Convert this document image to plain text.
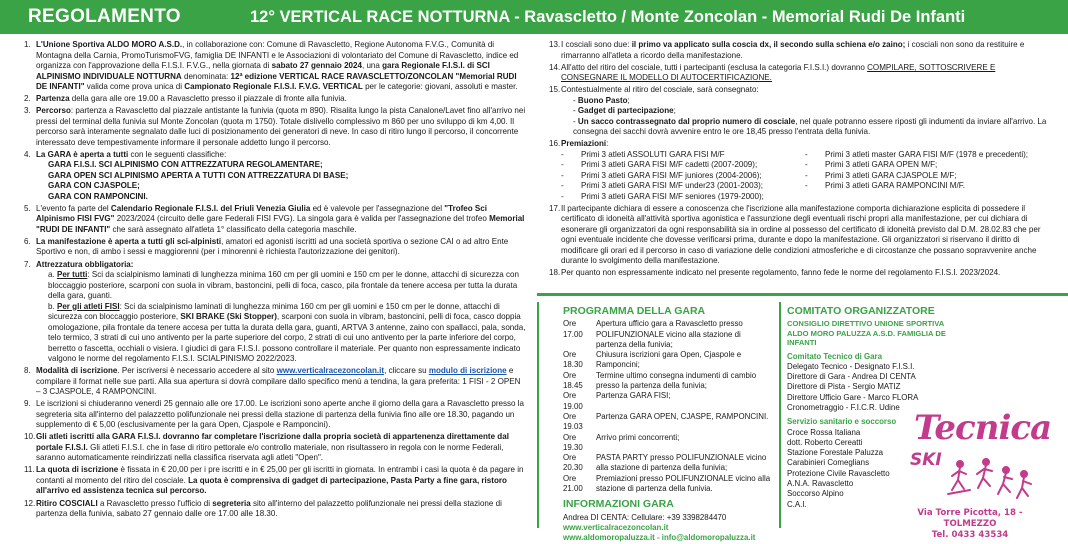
REGOLAMENTO	12° VERTICAL RACE NOTTURNA - Ravascletto / Monte Zoncolan - Memorial Rudi De Infanti
1. L'Unione Sportiva ALDO MORO A.S.D., in collaborazione con: Comune di Ravascletto, Regione Autonoma F.V.G., Comunità di Montagna della Carnia, PromoTurismoFVG, famiglia DE INFANTI e le Associazioni di volontariato del Comune di Ravascletto, indice ed organizza con l'approvazione della F.I.S.I. F.V.G., nella giornata di sabato 27 gennaio 2024, una gara Regionale F.I.S.I. di SCI ALPINISMO INDIVIDUALE NOTTURNA denominata: 12ª edizione VERTICAL RACE RAVASCLETTO/ZONCOLAN "Memorial RUDI DE INFANTI" valida come prova unica di Campionato Regionale F.I.S.I. F.V.G. VERTICAL per le categorie: giovani, assoluti e master.
2. Partenza della gara alle ore 19.00 a Ravascletto presso il piazzale di fronte alla funivia.
3. Percorso: partenza a Ravascletto dal piazzale antistante la funivia (quota m 890). Risalita lungo la pista Canalone/Lavet fino all'arrivo nei pressi del terminal della funivia sul Monte Zoncolan (quota m 1750). Totale dislivello complessivo m 860 per uno sviluppo di km 4,00. Il percorso sarà interamente segnalato dalle luci di posizionamento dei generatori di neve. In caso di ritiro lungo il percorso, il concorrente interessato deve tempestivamente informare il personale addetto lungo il percorso.
4. La GARA è aperta a tutti con le seguenti classifiche:
GARA F.I.S.I. SCI ALPINISMO CON ATTREZZATURA REGOLAMENTARE;
GARA OPEN SCI ALPINISMO APERTA A TUTTI CON ATTREZZATURA DI BASE;
GARA CON CJASPOLE;
GARA CON RAMPONCINI.
5. L'evento fa parte del Calendario Regionale F.I.S.I. del Friuli Venezia Giulia ed è valevole per l'assegnazione del "Trofeo Sci Alpinismo FISI FVG" 2023/2024 (circuito delle gare Federali FISI FVG). La singola gara è valida per l'assegnazione del trofeo Memorial "RUDI DE INFANTI" che sarà assegnato all'atleta 1° classificato della categoria maschile.
6. La manifestazione è aperta a tutti gli sci-alpinisti, amatori ed agonisti iscritti ad una società sportiva o sezione CAI o ad altro Ente Sportivo e non, di ambo i sessi e maggiorenni (per i minorenni è richiesta l'autorizzazione dei genitori).
7. Attrezzatura obbligatoria:
a. Per tutti: Sci da scialpinismo laminati di lunghezza minima 160 cm per gli uomini e 150 cm per le donne, attacchi di sicurezza con bloccaggio posteriore, scarponi con suola in vibram, bastoncini, pelli di foca, casco, pila frontale da tenere accesa per tutta la durata della gara, guanti.
b. Per gli atleti FISI: Sci da scialpinismo laminati di lunghezza minima 160 cm per gli uomini e 150 cm per le donne, attacchi di sicurezza con bloccaggio posteriore, SKI BRAKE (Ski Stopper), scarponi con suola in vibram, bastoncini, pelli di foca, casco doppia omologazione, pila frontale da tenere accesa per tutta la durata della gara, guanti, ARTVA 3 antenne, zaino con spallacci, pala, sonda, telo termico, 3 strati di cui uno antivento per la parte superiore del corpo, 2 strati di cui uno antivento per la parte inferiore del corpo, berretto o fascetta, occhiali o visiera. I giudici di gara F.I.S.I. possono controllare il materiale. Per quanto non espressamente indicato valgono le norme del regolamento F.I.S.I. SCIALPINISMO 2022/2023.
8. Modalità di iscrizione. Per iscriversi è necessario accedere al sito www.verticalracezoncolan.it, cliccare su modulo di iscrizione e compilare il format nelle sue parti. Alla sua apertura si dovrà compilare dallo specifico menù a tendina, la gara preferita: 1 FISI - 2 OPEN – 3 CJASPOLE, 4 RAMPONCINI.
9. Le iscrizioni si chiuderanno venerdì 25 gennaio alle ore 17.00. Le iscrizioni sono aperte anche il giorno della gara a Ravascletto presso la segreteria sita all'interno del palazzetto polifunzionale nei pressi della stazione di partenza della funivia fino alle ore 18.30, pagando un supplemento di € 5,00 (esclusivamente per la gara Open, Cjaspole e Ramponcini).
10. Gli atleti iscritti alla GARA F.I.S.I. dovranno far completare l'iscrizione dalla propria società di appartenenza direttamente dal portale F.I.S.I. Gli atleti F.I.S.I. che in fase di ritiro pettorale e/o controllo materiale, non risultassero in regola con le norme Federali, saranno automaticamente reindirizzati nella classifica riservata agli atleti "Open".
11. La quota di iscrizione è fissata in € 20,00 per i pre iscritti e in € 25,00 per gli iscritti in giornata. In entrambi i casi la quota è da pagare in contanti al momento del ritiro del cosciale. La quota è comprensiva di gadget di partecipazione, Pasta Party a fine gara, ristoro all'arrivo ed assistenza tecnica sul percorso.
12. Ritiro COSCIALI a Ravascletto presso l'ufficio di segreteria sito all'interno del palazzetto polifunzionale nei pressi della stazione di partenza della funivia, sabato 27 gennaio dalle ore 17.00 alle 18.30.
13. I cosciali sono due: il primo va applicato sulla coscia dx, il secondo sulla schiena e/o zaino; i cosciali non sono da restituire e rimarranno all'atleta a ricordo della manifestazione.
14. All'atto del ritiro del cosciale, tutti i partecipanti (esclusa la categoria F.I.S.I.) dovranno COMPILARE, SOTTOSCRIVERE E CONSEGNARE IL MODELLO DI AUTOCERTIFICAZIONE.
15. Contestualmente al ritiro del cosciale, sarà consegnato:
- Buono Pasto;
- Gadget di partecipazione;
- Un sacco contrassegnato dal proprio numero di cosciale, nel quale potranno essere riposti gli indumenti da inviare all'arrivo. La consegna dei sacchi dovrà avvenire entro le ore 18,45 presso l'entrata della funivia.
16. Premiazioni:
- Primi 3 atleti ASSOLUTI GARA FISI M/F
- Primi 3 atleti GARA FISI M/F cadetti (2007-2009);
- Primi 3 atleti GARA FISI M/F juniores (2004-2006);
- Primi 3 atleti GARA FISI M/F under23 (2001-2003);
- Primi 3 atleti GARA FISI M/F seniores (1979-2000);
- Primi 3 atleti master GARA FISI M/F (1978 e precedenti);
- Primi 3 atleti GARA OPEN M/F;
- Primi 3 atleti GARA CJASPOLE M/F;
- Primi 3 atleti GARA RAMPONCINI M/F.
17. Il partecipante dichiara di essere a conoscenza che l'iscrizione alla manifestazione comporta dichiarazione esplicita di possedere il certificato di idoneità all'attività sportiva agonistica e l'assunzione degli eventuali rischi propri alla manifestazione, per cui dichiara di esonerare gli organizzatori da ogni responsabilità sia in ordine al possesso del certificato di idoneità previsto dal D.M. 28.02.83 che per ogni eventuale incidente che dovesse verificarsi prima, durante e dopo la manifestazione. Gli organizzatori si riservano il diritto di modificare gli orari ed il percorso in caso di variazione delle condizioni atmosferiche e di circostanze che possano sopravvenire anche durante lo svolgimento della manifestazione.
18. Per quanto non espressamente indicato nel presente regolamento, fanno fede le norme del regolamento F.I.S.I. 2023/2024.
PROGRAMMA DELLA GARA
Ore 17.00
Apertura ufficio gara a Ravascletto presso POLIFUNZIONALE vicino alla stazione di partenza della funivia;
Ore 18.30
Chiusura iscrizioni gara Open, Cjaspole e Ramponcini;
Ore 18.45
Termine ultimo consegna indumenti di cambio presso la partenza della funivia;
Ore 19.00
Partenza GARA FISI;
Ore 19.03
Partenza GARA OPEN, CJASPE, RAMPONCINI.
Ore 19.30
Arrivo primi concorrenti;
Ore 20.30
PASTA PARTY presso POLIFUNZIONALE vicino alla stazione di partenza della funivia;
Ore 21.00
Premiazioni presso POLIFUNZIONALE vicino alla stazione di partenza della funivia.
INFORMAZIONI GARA
Andrea DI CENTA: Cellulare: +39 3398284470
www.verticalracezoncolan.it
www.aldomoropaluzza.it - info@aldomoropaluzza.it
COMITATO ORGANIZZATORE
CONSIGLIO DIRETTIVO UNIONE SPORTIVA ALDO MORO PALUZZA A.S.D. FAMIGLIA DE INFANTI
Comitato Tecnico di Gara
Delegato Tecnico - Designato F.I.S.I.
Direttore di Gara - Andrea DI CENTA
Direttore di Pista - Sergio MATIZ
Direttore Ufficio Gare - Marco FLORA
Cronometraggio - F.I.C.R. Udine
Servizio sanitario e soccorso
Croce Rossa Italiana
dott. Roberto Cereatti
Stazione Forestale Paluzza
Carabinieri Comeglians
Protezione Civile Ravascletto
A.N.A. Ravascletto
Soccorso Alpino
C.A.I.
Tecnica
SKI
Via Torre Picotta, 18 - TOLMEZZO
Tel. 0433 43534
